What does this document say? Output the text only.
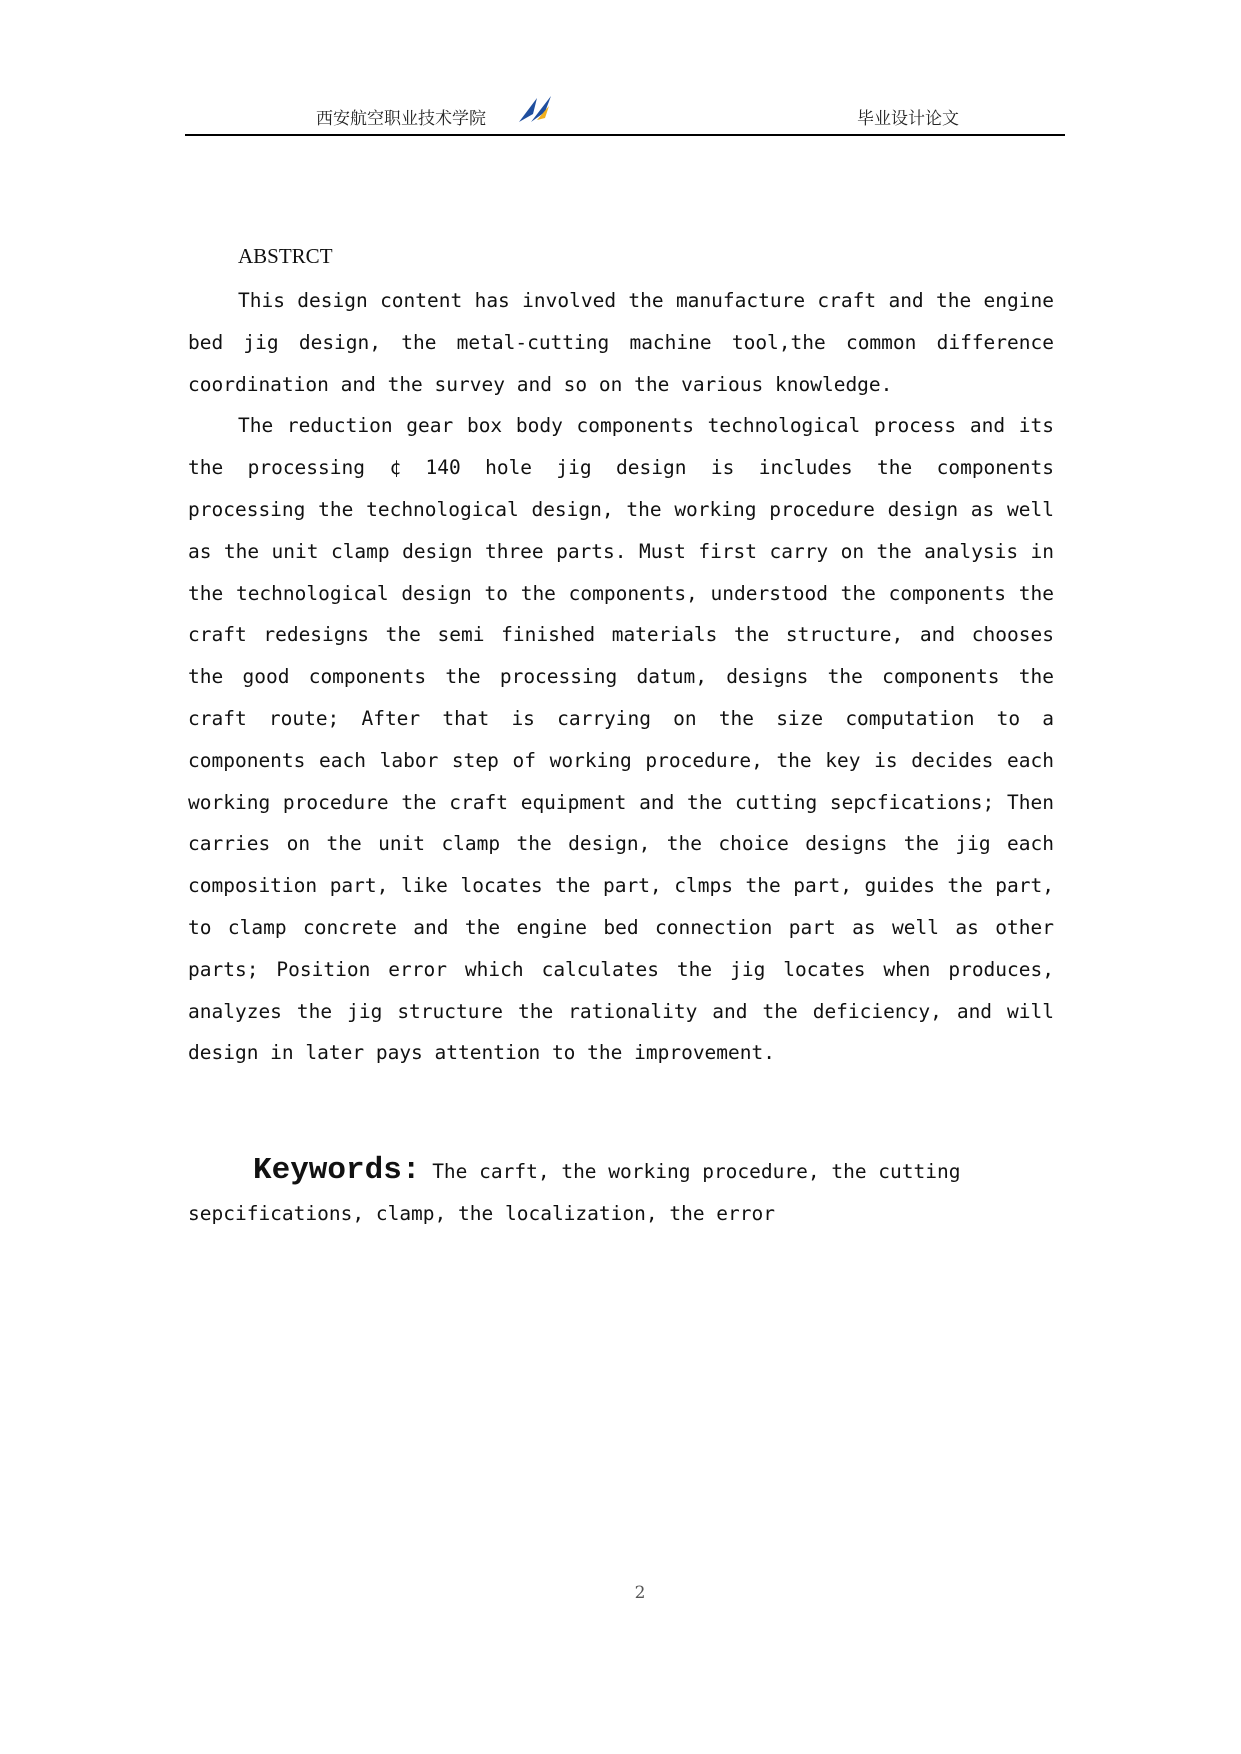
西安航空职业技术学院	毕业设计论文
ABSTRCT

This design content has involved the manufacture craft and the engine bed jig design, the metal-cutting machine tool,the common difference coordination and the survey and so on the various knowledge.

The reduction gear box body components technological process and its the processing ¢ 140 hole jig design is includes the components processing the technological design, the working procedure design as well as the unit clamp design three parts. Must first carry on the analysis in the technological design to the components, understood the components the craft redesigns the semi finished materials the structure, and chooses the good components the processing datum, designs the components the craft route; After that is carrying on the size computation to a components each labor step of working procedure, the key is decides each working procedure the craft equipment and the cutting sepcfications; Then carries on the unit clamp the design, the choice designs the jig each composition part, like locates the part, clmps the part, guides the part, to clamp concrete and the engine bed connection part as well as other parts; Position error which calculates the jig locates when produces, analyzes the jig structure the rationality and the deficiency, and will design in later pays attention to the improvement.

Keywords: The carft, the working procedure, the cutting sepcifications, clamp, the localization, the error
2
